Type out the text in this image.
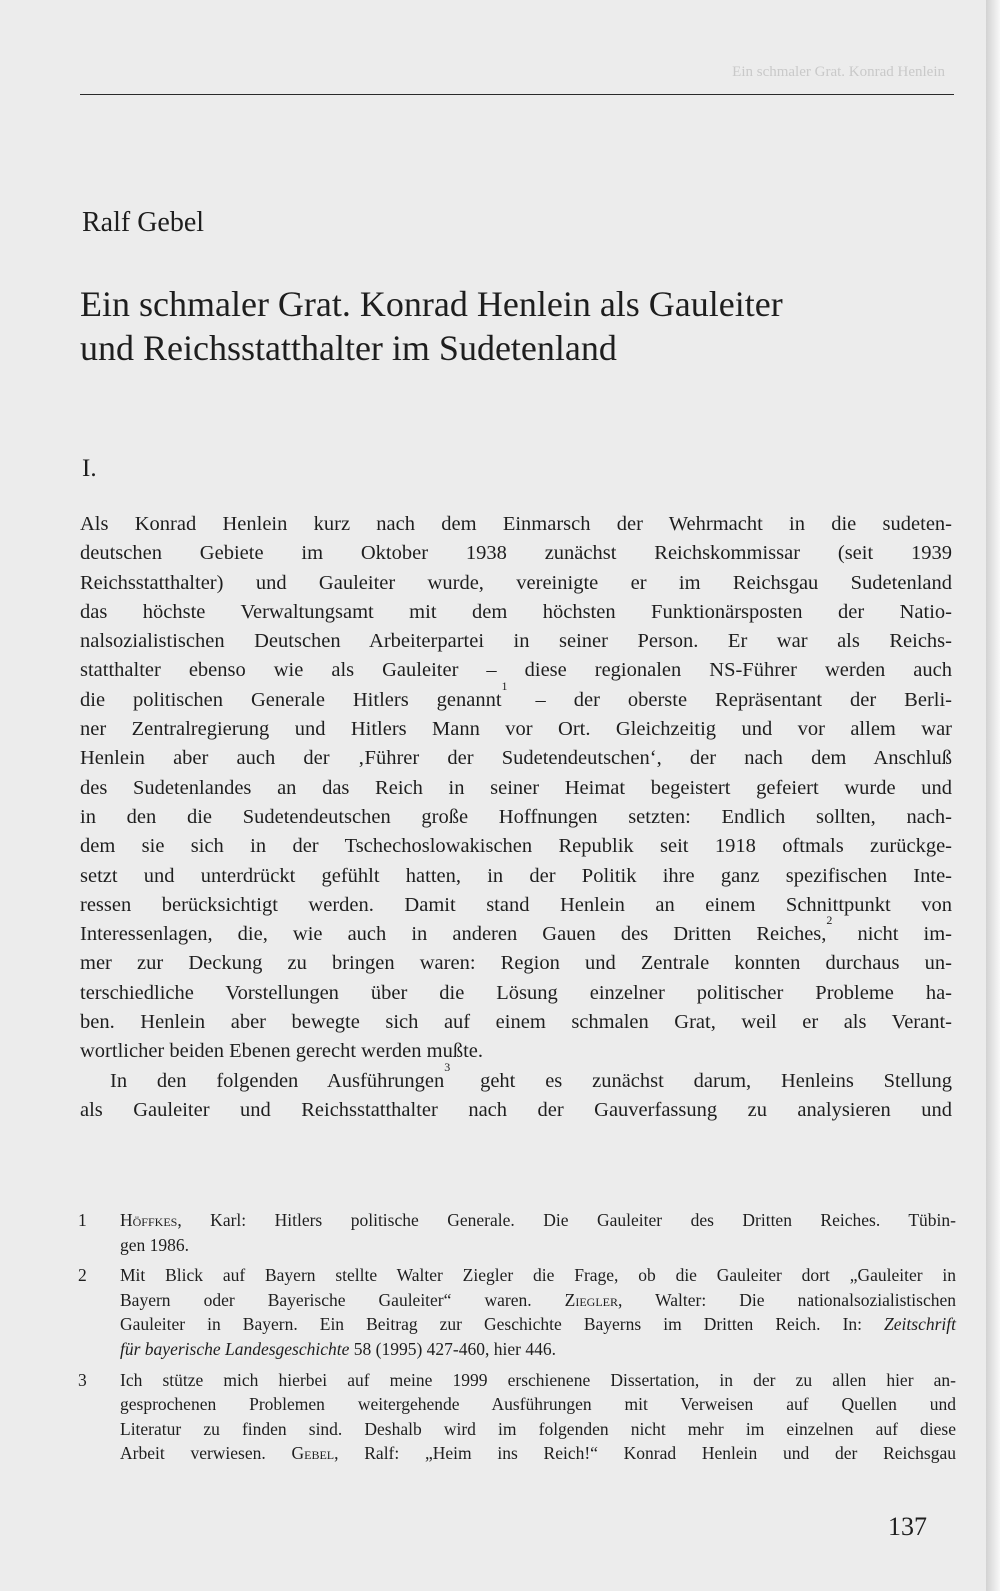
Ein schmaler Grat. Konrad Henlein
Ralf Gebel
Ein schmaler Grat. Konrad Henlein als Gauleiter
und Reichsstatthalter im Sudetenland
I.
Als Konrad Henlein kurz nach dem Einmarsch der Wehrmacht in die sudeten-
deutschen Gebiete im Oktober 1938 zunächst Reichskommissar (seit 1939
Reichsstatthalter) und Gauleiter wurde, vereinigte er im Reichsgau Sudetenland
das höchste Verwaltungsamt mit dem höchsten Funktionärsposten der Natio-
nalsozialistischen Deutschen Arbeiterpartei in seiner Person. Er war als Reichs-
statthalter ebenso wie als Gauleiter – diese regionalen NS-Führer werden auch
die politischen Generale Hitlers genannt$^1$ – der oberste Repräsentant der Berli-
ner Zentralregierung und Hitlers Mann vor Ort. Gleichzeitig und vor allem war
Henlein aber auch der ‚Führer der Sudetendeutschen‘, der nach dem Anschluß
des Sudetenlandes an das Reich in seiner Heimat begeistert gefeiert wurde und
in den die Sudetendeutschen große Hoffnungen setzten: Endlich sollten, nach-
dem sie sich in der Tschechoslowakischen Republik seit 1918 oftmals zurückge-
setzt und unterdrückt gefühlt hatten, in der Politik ihre ganz spezifischen Inte-
ressen berücksichtigt werden. Damit stand Henlein an einem Schnittpunkt von
Interessenlagen, die, wie auch in anderen Gauen des Dritten Reiches,$^2$ nicht im-
mer zur Deckung zu bringen waren: Region und Zentrale konnten durchaus un-
terschiedliche Vorstellungen über die Lösung einzelner politischer Probleme ha-
ben. Henlein aber bewegte sich auf einem schmalen Grat, weil er als Verant-
wortlicher beiden Ebenen gerecht werden mußte.
In den folgenden Ausführungen$^3$ geht es zunächst darum, Henleins Stellung
als Gauleiter und Reichsstatthalter nach der Gauverfassung zu analysieren und
1 Höffkes, Karl: Hitlers politische Generale. Die Gauleiter des Dritten Reiches. Tübin-
gen 1986.
2 Mit Blick auf Bayern stellte Walter Ziegler die Frage, ob die Gauleiter dort „Gauleiter in
Bayern oder Bayerische Gauleiter“ waren. Ziegler, Walter: Die nationalsozialistischen
Gauleiter in Bayern. Ein Beitrag zur Geschichte Bayerns im Dritten Reich. In: Zeitschrift
für bayerische Landesgeschichte 58 (1995) 427-460, hier 446.
3 Ich stütze mich hierbei auf meine 1999 erschienene Dissertation, in der zu allen hier an-
gesprochenen Problemen weitergehende Ausführungen mit Verweisen auf Quellen und
Literatur zu finden sind. Deshalb wird im folgenden nicht mehr im einzelnen auf diese
Arbeit verwiesen. Gebel, Ralf: „Heim ins Reich!“ Konrad Henlein und der Reichsgau
137
